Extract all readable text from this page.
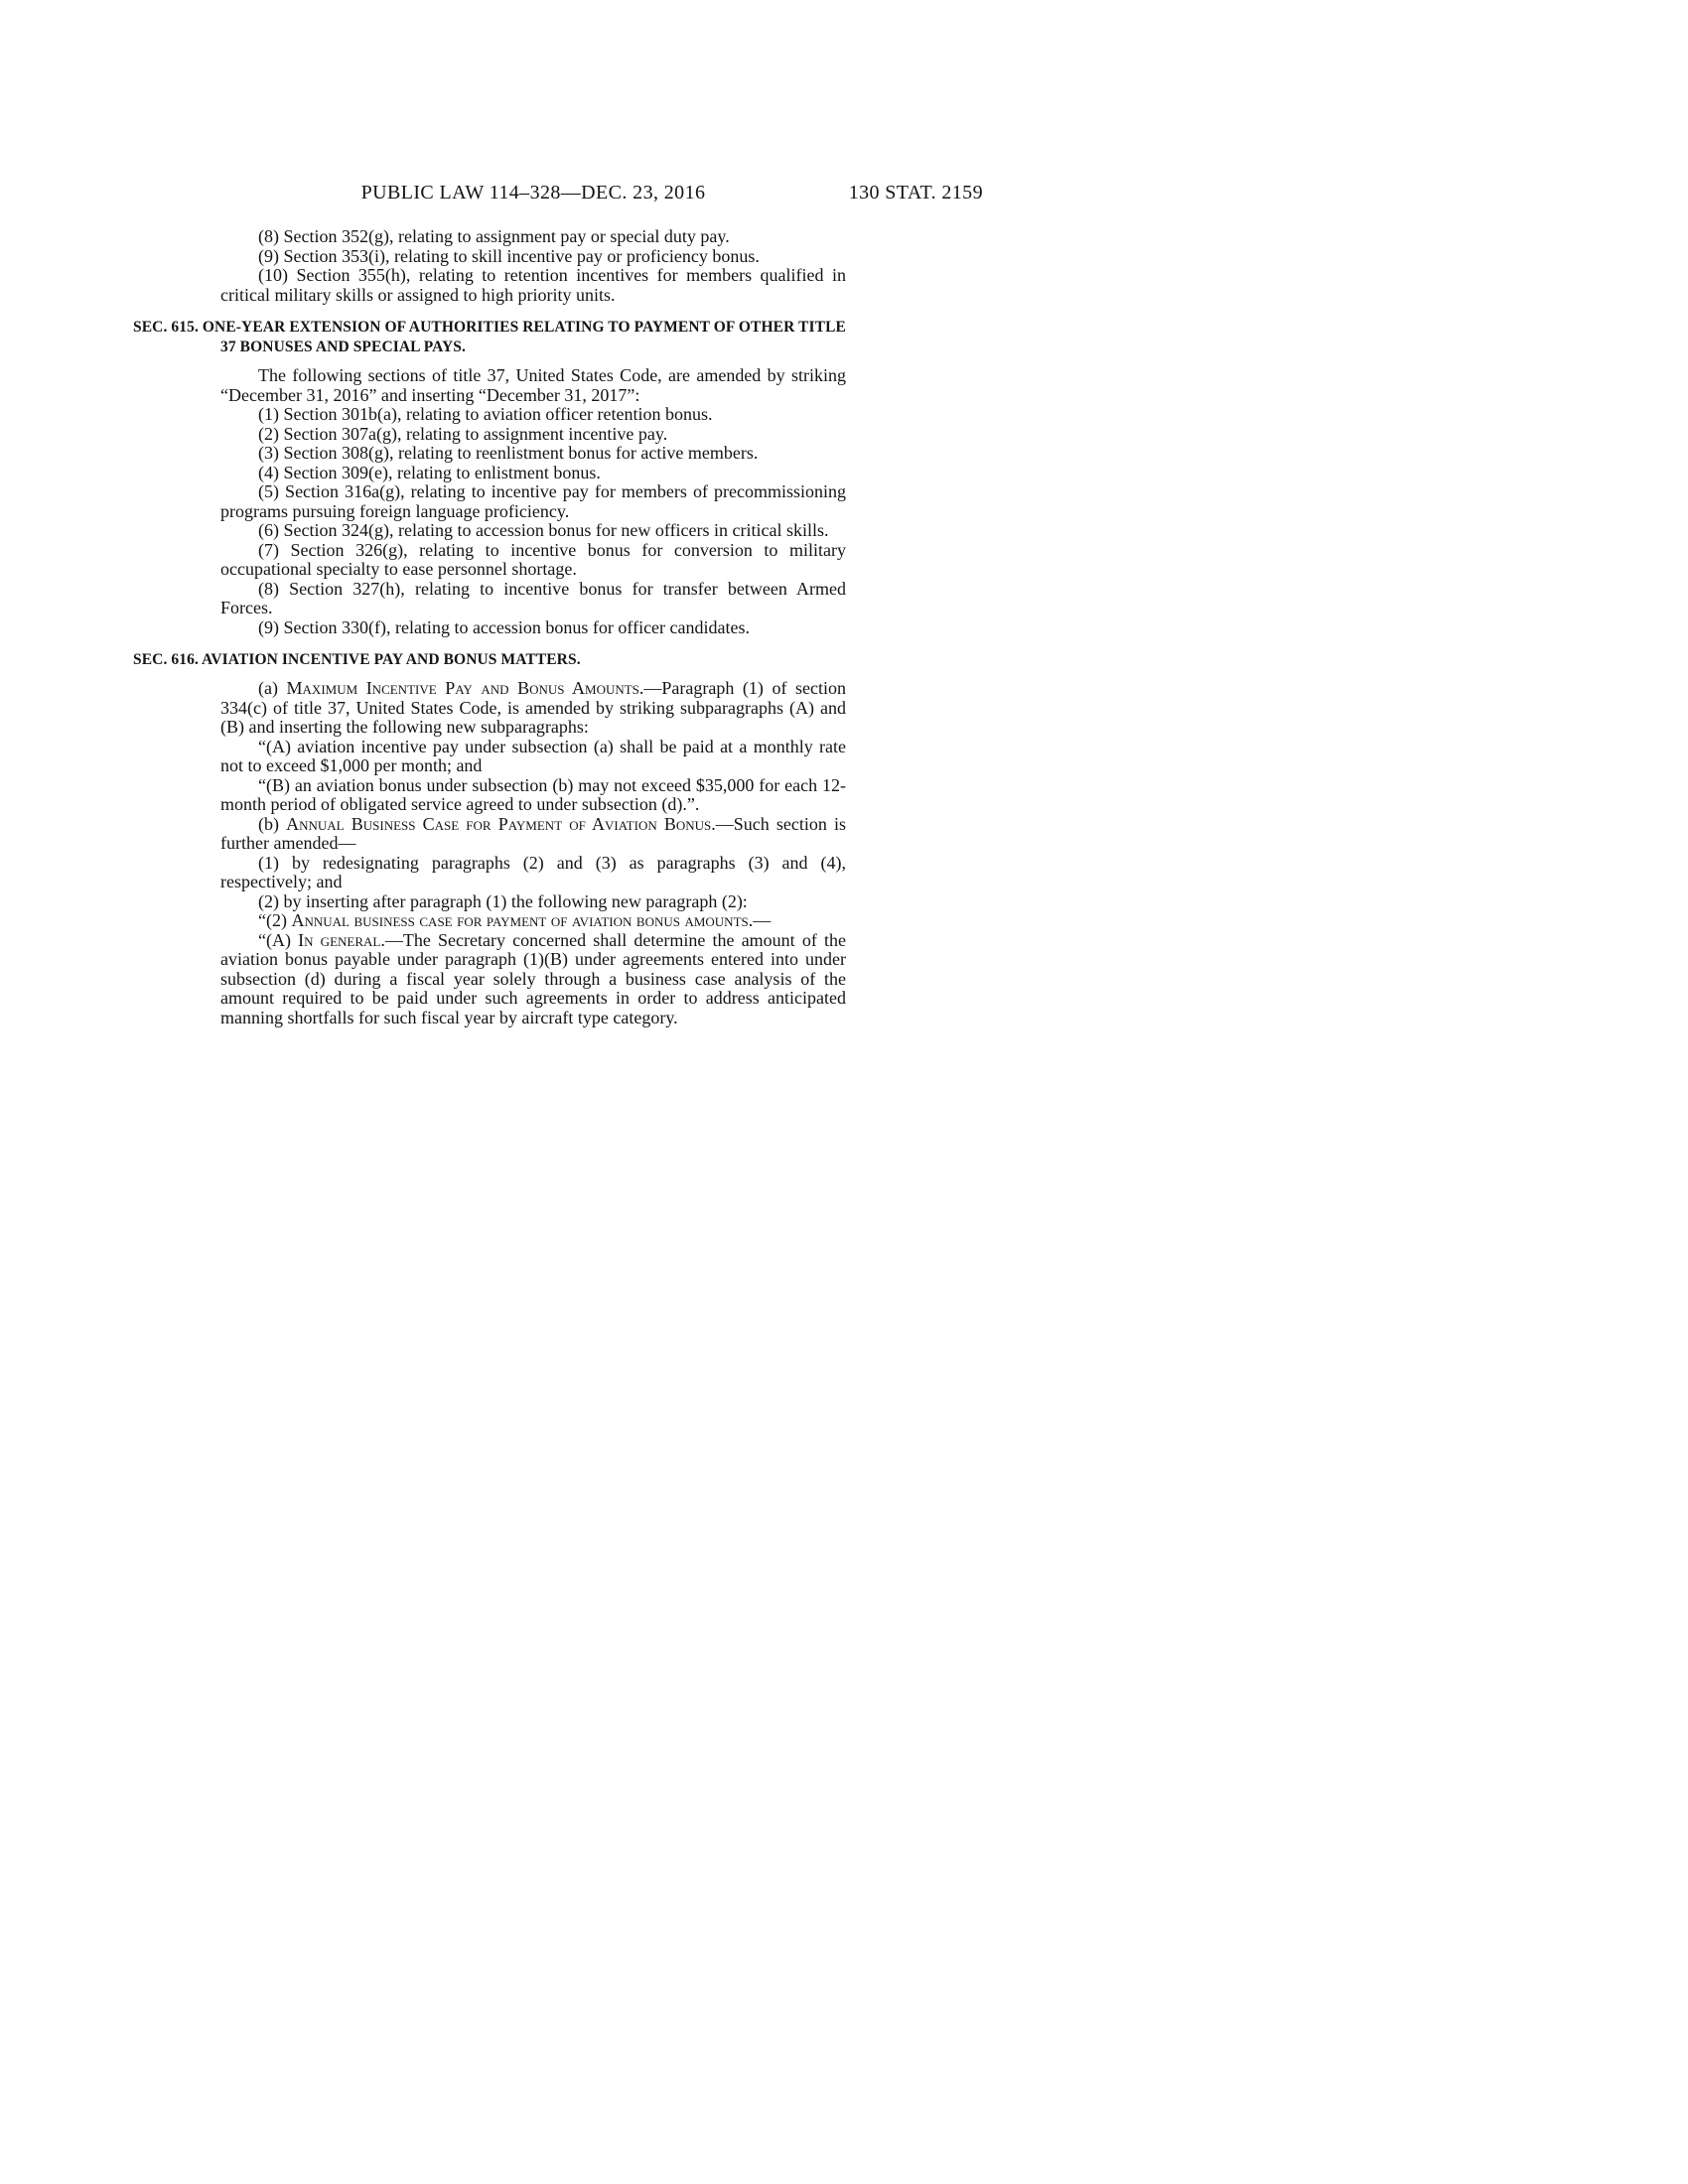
PUBLIC LAW 114–328—DEC. 23, 2016	130 STAT. 2159

(8) Section 352(g), relating to assignment pay or special duty pay.

(9) Section 353(i), relating to skill incentive pay or proficiency bonus.

(10) Section 355(h), relating to retention incentives for members qualified in critical military skills or assigned to high priority units.

SEC. 615. ONE-YEAR EXTENSION OF AUTHORITIES RELATING TO PAYMENT OF OTHER TITLE 37 BONUSES AND SPECIAL PAYS.

The following sections of title 37, United States Code, are amended by striking “December 31, 2016” and inserting “December 31, 2017”:

(1) Section 301b(a), relating to aviation officer retention bonus.

(2) Section 307a(g), relating to assignment incentive pay.

(3) Section 308(g), relating to reenlistment bonus for active members.

(4) Section 309(e), relating to enlistment bonus.

(5) Section 316a(g), relating to incentive pay for members of precommissioning programs pursuing foreign language proficiency.

(6) Section 324(g), relating to accession bonus for new officers in critical skills.

(7) Section 326(g), relating to incentive bonus for conversion to military occupational specialty to ease personnel shortage.

(8) Section 327(h), relating to incentive bonus for transfer between Armed Forces.

(9) Section 330(f), relating to accession bonus for officer candidates.

SEC. 616. AVIATION INCENTIVE PAY AND BONUS MATTERS.

(a) Maximum Incentive Pay and Bonus Amounts.—Paragraph (1) of section 334(c) of title 37, United States Code, is amended by striking subparagraphs (A) and (B) and inserting the following new subparagraphs:

“(A) aviation incentive pay under subsection (a) shall be paid at a monthly rate not to exceed $1,000 per month; and

“(B) an aviation bonus under subsection (b) may not exceed $35,000 for each 12-month period of obligated service agreed to under subsection (d).”.

(b) Annual Business Case for Payment of Aviation Bonus.—Such section is further amended—

(1) by redesignating paragraphs (2) and (3) as paragraphs (3) and (4), respectively; and

(2) by inserting after paragraph (1) the following new paragraph (2):

“(2) Annual business case for payment of aviation bonus amounts.—

“(A) In general.—The Secretary concerned shall determine the amount of the aviation bonus payable under paragraph (1)(B) under agreements entered into under subsection (d) during a fiscal year solely through a business case analysis of the amount required to be paid under such agreements in order to address anticipated manning shortfalls for such fiscal year by aircraft type category.
